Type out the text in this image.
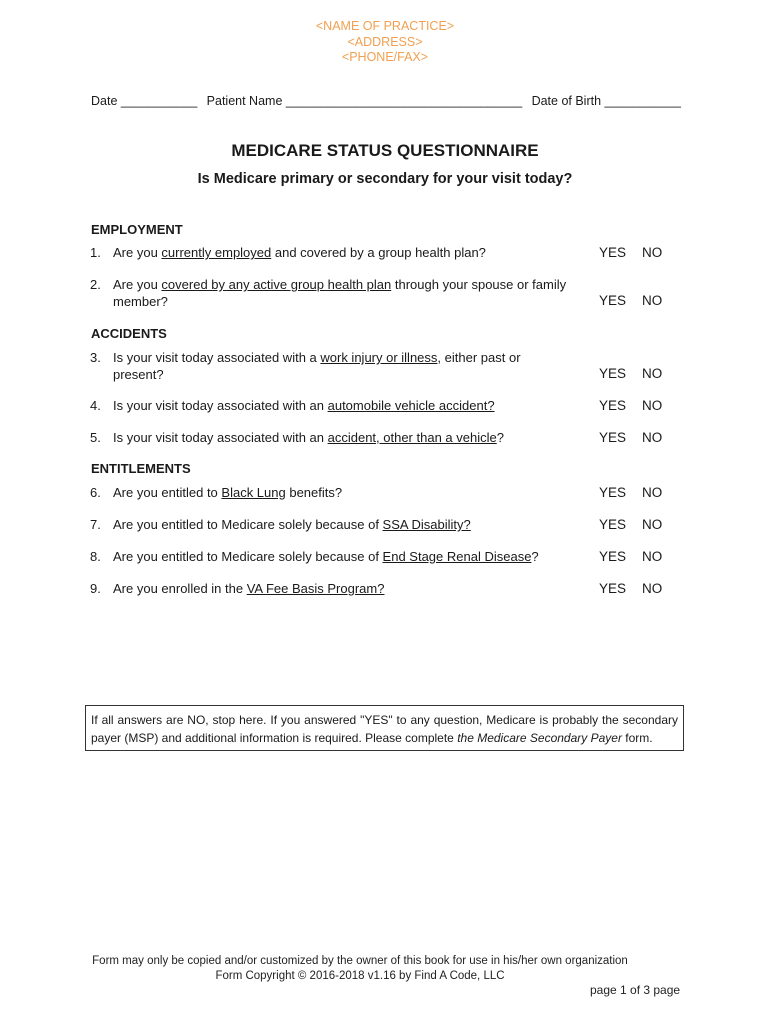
<NAME OF PRACTICE>
<ADDRESS>
<PHONE/FAX>
Date ___________ Patient Name __________________________________ Date of Birth ___________
MEDICARE STATUS QUESTIONNAIRE
Is Medicare primary or secondary for your visit today?
EMPLOYMENT
ACCIDENTS
ENTITLEMENTS
1. Are you currently employed and covered by a group health plan?	YES NO
2. Are you covered by any active group health plan through your spouse or family member?	YES NO
3. Is your visit today associated with a work injury or illness, either past or present?	YES NO
4. Is your visit today associated with an automobile vehicle accident?	YES NO
5. Is your visit today associated with an accident, other than a vehicle?	YES NO
6. Are you entitled to Black Lung benefits?	YES NO
7. Are you entitled to Medicare solely because of SSA Disability?	YES NO
8. Are you entitled to Medicare solely because of End Stage Renal Disease?	YES NO
9. Are you enrolled in the VA Fee Basis Program?	YES NO
If all answers are NO, stop here. If you answered "YES" to any question, Medicare is probably the secondary payer (MSP) and additional information is required. Please complete the Medicare Secondary Payer form.
Form may only be copied and/or customized by the owner of this book for use in his/her own organization
Form Copyright © 2016-2018 v1.16 by Find A Code, LLC
page 1 of 3 page
